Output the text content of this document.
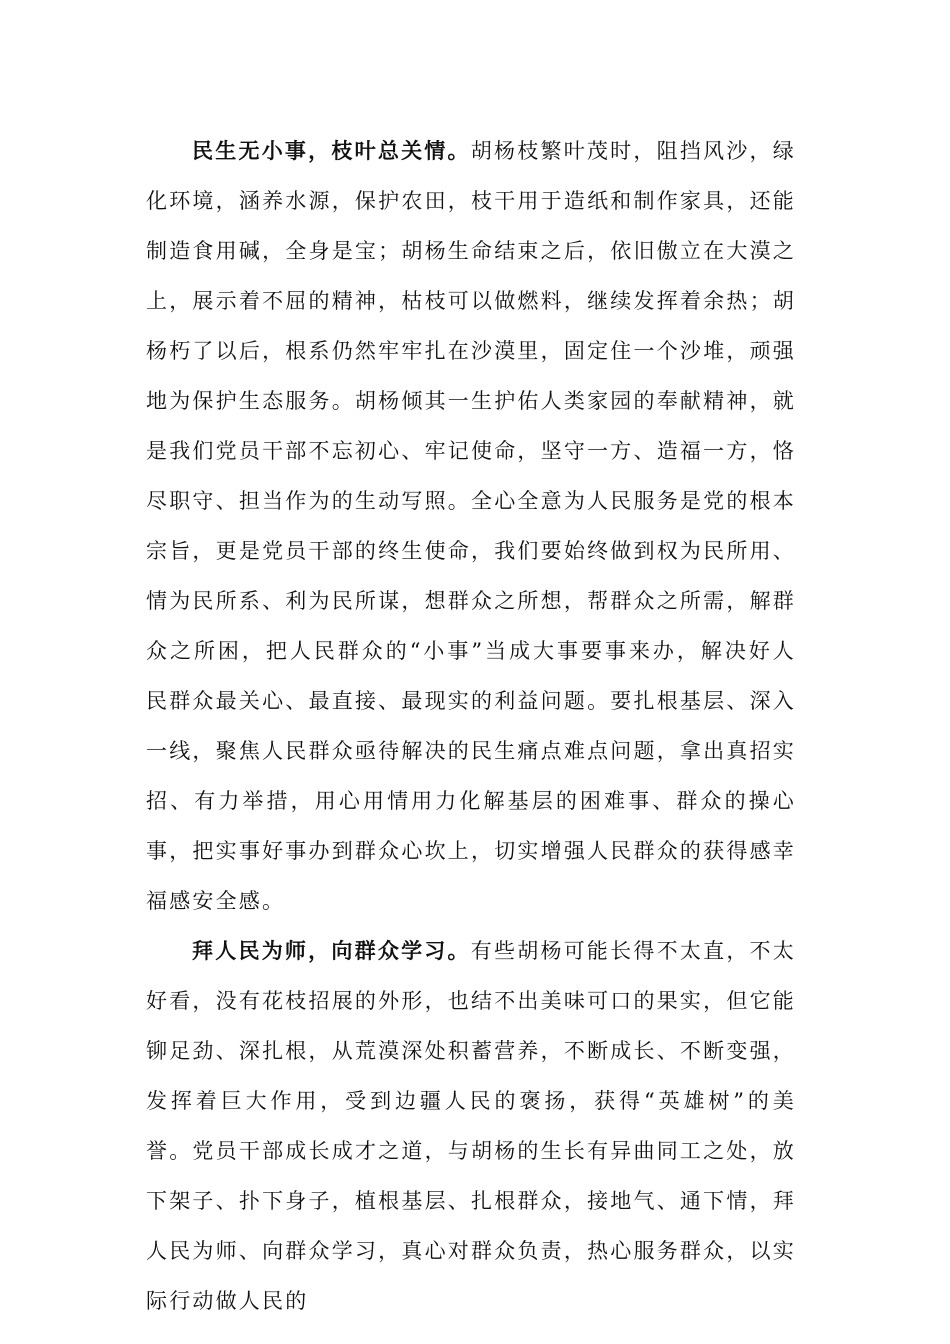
民生无小事，枝叶总关情。胡杨枝繁叶茂时，阻挡风沙，绿化环境，涵养水源，保护农田，枝干用于造纸和制作家具，还能制造食用碱，全身是宝；胡杨生命结束之后，依旧傲立在大漠之上，展示着不屈的精神，枯枝可以做燃料，继续发挥着余热；胡杨朽了以后，根系仍然牢牢扎在沙漠里，固定住一个沙堆，顽强地为保护生态服务。胡杨倾其一生护佑人类家园的奉献精神，就是我们党员干部不忘初心、牢记使命，坚守一方、造福一方，恪尽职守、担当作为的生动写照。全心全意为人民服务是党的根本宗旨，更是党员干部的终生使命，我们要始终做到权为民所用、情为民所系、利为民所谋，想群众之所想，帮群众之所需，解群众之所困，把人民群众的“小事”当成大事要事来办，解决好人民群众最关心、最直接、最现实的利益问题。要扎根基层、深入一线，聚焦人民群众亟待解决的民生痛点难点问题，拿出真招实招、有力举措，用心用情用力化解基层的困难事、群众的操心事，把实事好事办到群众心坎上，切实增强人民群众的获得感幸福感安全感。

拜人民为师，向群众学习。有些胡杨可能长得不太直，不太好看，没有花枝招展的外形，也结不出美味可口的果实，但它能铆足劲、深扎根，从荒漠深处积蓄营养，不断成长、不断变强，发挥着巨大作用，受到边疆人民的褒扬，获得“英雄树”的美誉。党员干部成长成才之道，与胡杨的生长有异曲同工之处，放下架子、扑下身子，植根基层、扎根群众，接地气、通下情，拜人民为师、向群众学习，真心对群众负责，热心服务群众，以实际行动做人民的
